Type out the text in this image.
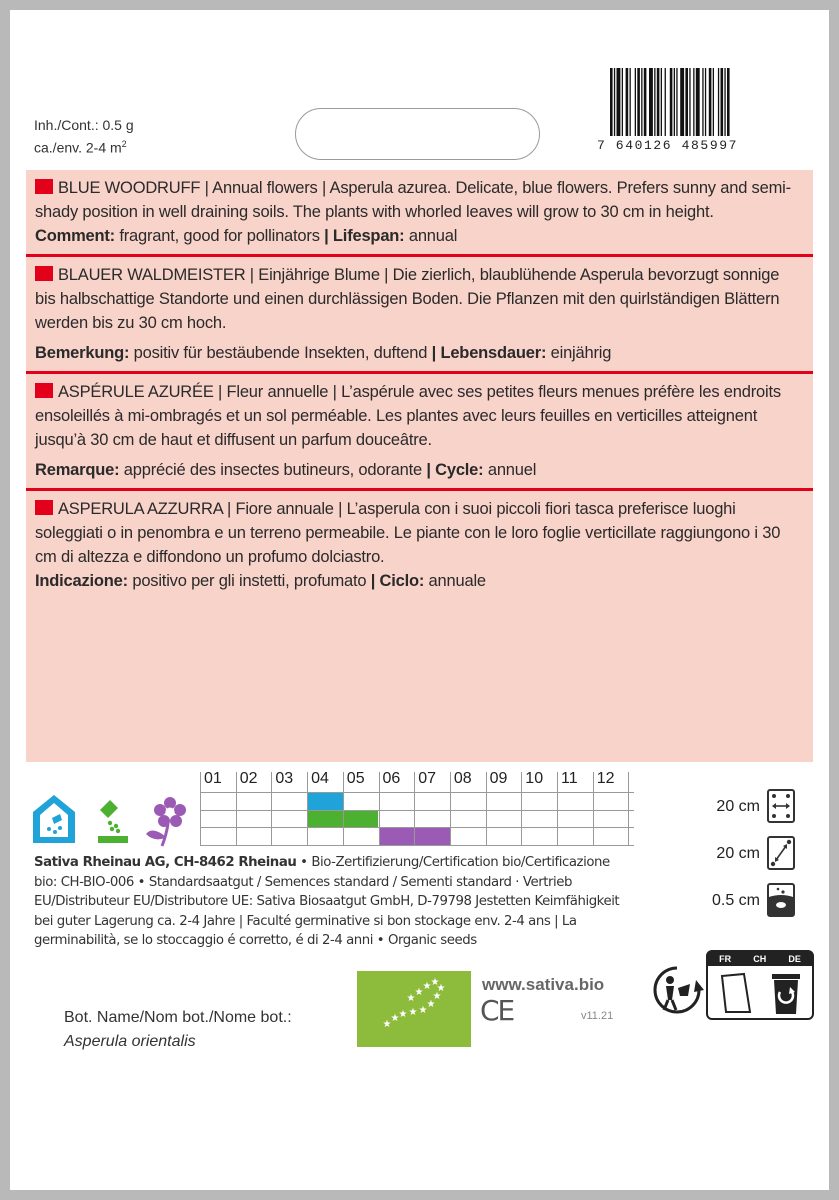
Inh./Cont.: 0.5 g
ca./env. 2-4 $m^2$	7 640126 485997

BLUE WOODRUFF | Annual flowers | Asperula azurea. Delicate, blue flowers. Prefers sunny and semi-shady position in well draining soils. The plants with whorled leaves will grow to 30 cm in height.

Comment: fragrant, good for pollinators | Lifespan: annual

BLAUER WALDMEISTER | Einjährige Blume | Die zierlich, blaublühende Asperula bevorzugt sonnige bis halbschattige Standorte und einen durchlässigen Boden. Die Pflanzen mit den quirlständigen Blättern werden bis zu 30 cm hoch.

Bemerkung: positiv für bestäubende Insekten, duftend | Lebensdauer: einjährig

ASPÉRULE AZURÉE | Fleur annuelle | L’aspérule avec ses petites fleurs menues préfère les endroits ensoleillés à mi-ombragés et un sol perméable. Les plantes avec leurs feuilles en verticilles atteignent jusqu’à 30 cm de haut et diffusent un parfum douceâtre.

Remarque: apprécié des insectes butineurs, odorante | Cycle: annuel

ASPERULA AZZURRA | Fiore annuale | L’asperula con i suoi piccoli fiori tasca preferisce luoghi soleggiati o in penombra e un terreno permeabile. Le piante con le loro foglie verticillate raggiungono i 30 cm di altezza e diffondono un profumo dolciastro.

Indicazione: positivo per gli instetti, profumato | Ciclo: annuale

01 02 03 04 05 06 07 08 09 10 11 12
20 cm
20 cm
0.5 cm
Sativa Rheinau AG, CH-8462 Rheinau • Bio-Zertifizierung/Certification bio/Certificazione bio: CH-BIO-006 • Standardsaatgut / Semences standard / Sementi standard · Vertrieb EU/Distributeur EU/Distributore UE: Sativa Biosaatgut GmbH, D-79798 Jestetten Keimfähigkeit bei guter Lagerung ca. 2-4 Jahre | Faculté germinative si bon stockage env. 2-4 ans | La germinabilità, se lo stoccaggio é corretto, é di 2-4 anni • Organic seeds
Bot. Name/Nom bot./Nome bot.:
Asperula orientalis
★
★ ★ ★ ★
★
★
★
★
★
★
★
www.sativa.bio
CE	v11.21
FR CH DE
